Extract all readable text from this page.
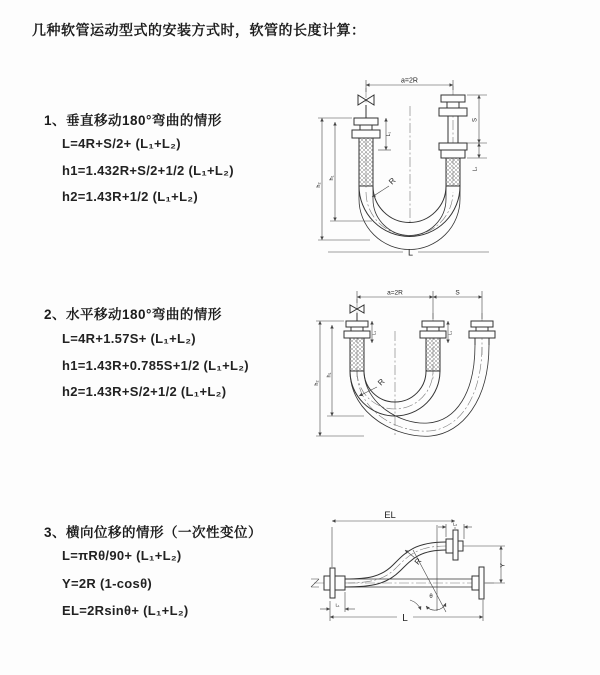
几种软管运动型式的安装方式时，软管的长度计算：
1、垂直移动180°弯曲的情形
L=4R+S/2+ (L₁+L₂)
h1=1.432R+S/2+1/2 (L₁+L₂)
h2=1.43R+1/2 (L₁+L₂)
2、水平移动180°弯曲的情形
L=4R+1.57S+ (L₁+L₂)
h1=1.43R+0.785S+1/2 (L₁+L₂)
h2=1.43R+S/2+1/2 (L₁+L₂)
3、横向位移的情形（一次性变位）
L=πRθ/90+ (L₁+L₂)
Y=2R (1-cosθ)
EL=2Rsinθ+ (L₁+L₂)
a=2R
L₁
h₂
h₁
S
L₂
R
L
a=2R	S
h₂
h₁
L₁	L₁
R
EL
L₂
Y
θ
R
L
L₁
